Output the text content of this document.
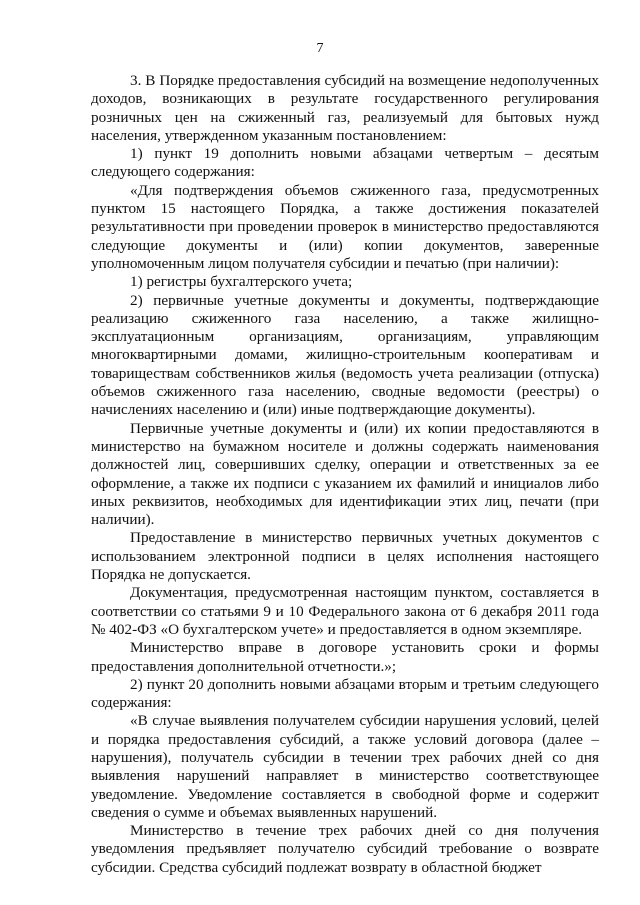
7

3. В Порядке предоставления субсидий на возмещение недополученных доходов, возникающих в результате государственного регулирования розничных цен на сжиженный газ, реализуемый для бытовых нужд населения, утвержденном указанным постановлением:

1) пункт 19 дополнить новыми абзацами четвертым – десятым следующего содержания:

«Для подтверждения объемов сжиженного газа, предусмотренных пунктом 15 настоящего Порядка, а также достижения показателей результативности при проведении проверок в министерство предоставляются следующие документы и (или) копии документов, заверенные уполномоченным лицом получателя субсидии и печатью (при наличии):

1) регистры бухгалтерского учета;

2) первичные учетные документы и документы, подтверждающие реализацию сжиженного газа населению, а также жилищно-эксплуатационным организациям, организациям, управляющим многоквартирными домами, жилищно-строительным кооперативам и товариществам собственников жилья (ведомость учета реализации (отпуска) объемов сжиженного газа населению, сводные ведомости (реестры) о начислениях населению и (или) иные подтверждающие документы).

Первичные учетные документы и (или) их копии предоставляются в министерство на бумажном носителе и должны содержать наименования должностей лиц, совершивших сделку, операции и ответственных за ее оформление, а также их подписи с указанием их фамилий и инициалов либо иных реквизитов, необходимых для идентификации этих лиц, печати (при наличии).

Предоставление в министерство первичных учетных документов с использованием электронной подписи в целях исполнения настоящего Порядка не допускается.

Документация, предусмотренная настоящим пунктом, составляется в соответствии со статьями 9 и 10 Федерального закона от 6 декабря 2011 года № 402-ФЗ «О бухгалтерском учете» и предоставляется в одном экземпляре.

Министерство вправе в договоре установить сроки и формы предоставления дополнительной отчетности.»;

2) пункт 20 дополнить новыми абзацами вторым и третьим следующего содержания:

«В случае выявления получателем субсидии нарушения условий, целей и порядка предоставления субсидий, а также условий договора (далее – нарушения), получатель субсидии в течении трех рабочих дней со дня выявления нарушений направляет в министерство соответствующее уведомление. Уведомление составляется в свободной форме и содержит сведения о сумме и объемах выявленных нарушений.

Министерство в течение трех рабочих дней со дня получения уведомления предъявляет получателю субсидий требование о возврате субсидии. Средства субсидий подлежат возврату в областной бюджет
